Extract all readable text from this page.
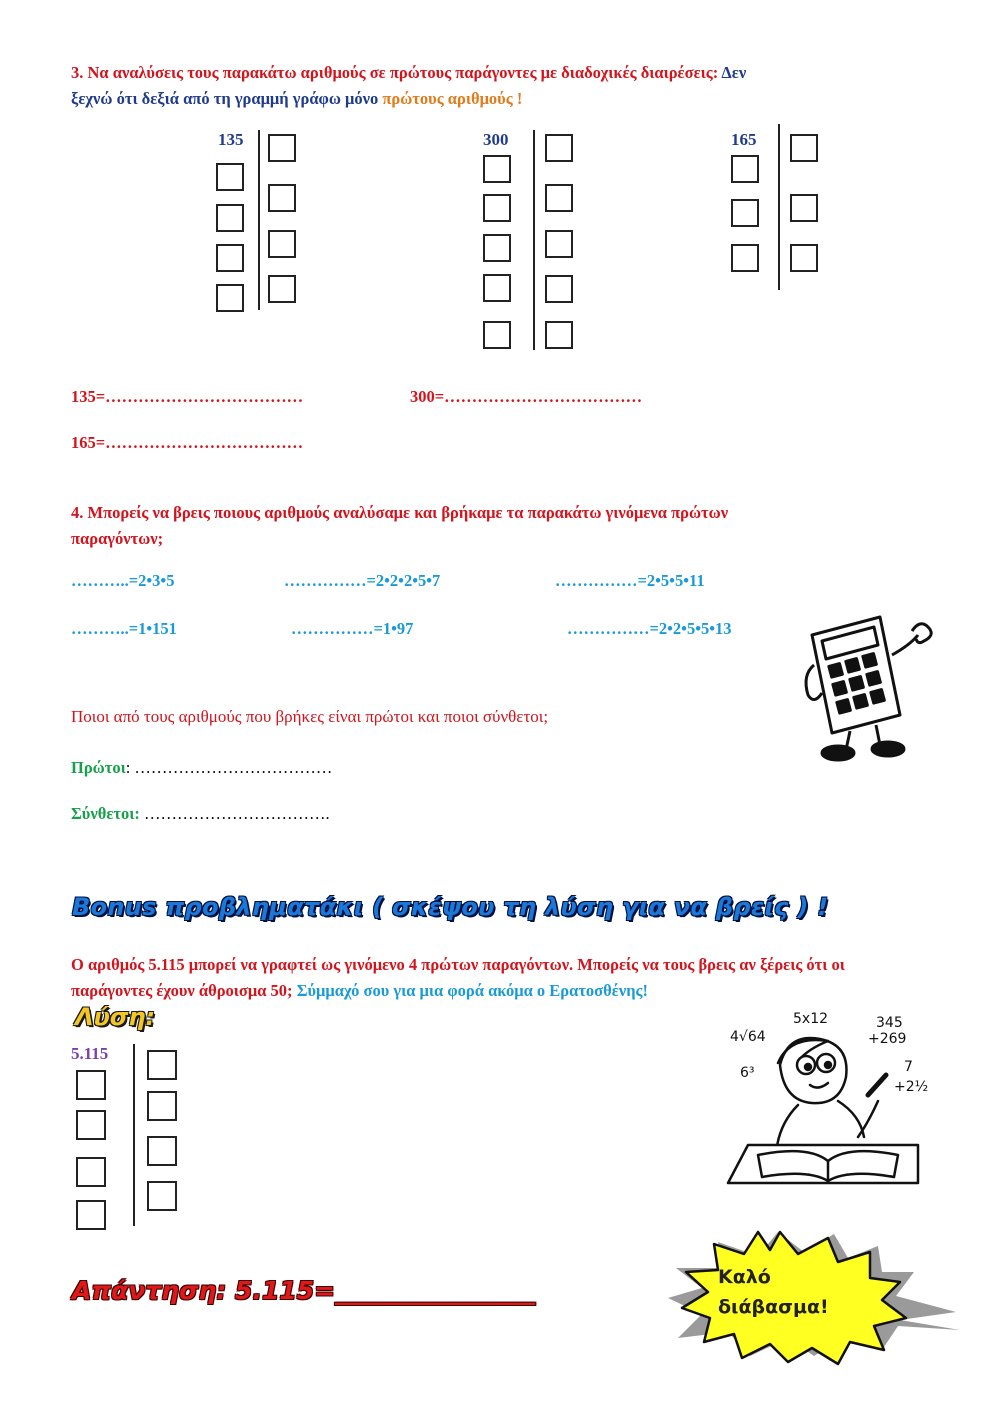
3. Να αναλύσεις τους παρακάτω αριθμούς σε πρώτους παράγοντες με διαδοχικές διαιρέσεις: Δεν
ξεχνώ ότι δεξιά από τη γραμμή γράφω μόνο πρώτους αριθμούς !
135	300	165
135=………………………………	300=………………………………
165=………………………………
4. Μπορείς να βρεις ποιους αριθμούς αναλύσαμε και βρήκαμε τα παρακάτω γινόμενα πρώτων
παραγόντων;
………..=2•3•5	……………=2•2•2•5•7	……………=2•5•5•11
………..=1•151	……………=1•97	……………=2•2•5•5•13
Ποιοι από τους αριθμούς που βρήκες είναι πρώτοι και ποιοι σύνθετοι;
Πρώτοι: ………………………………
Σύνθετοι: …………………………….
Bonus προβληματάκι ( σκέψου τη λύση για να βρείς ) !
Ο αριθμός 5.115 μπορεί να γραφτεί ως γινόμενο 4 πρώτων παραγόντων. Μπορείς να τους βρεις αν ξέρεις ότι οι παράγοντες έχουν άθροισμα 50; Σύμμαχό σου για μια φορά ακόμα ο Ερατοσθένης!
Λύση:
5.115
5x12
4√64
345
+269
6³	7
+2½
Απάντηση: 5.115=________________	Καλό
διάβασμα!
